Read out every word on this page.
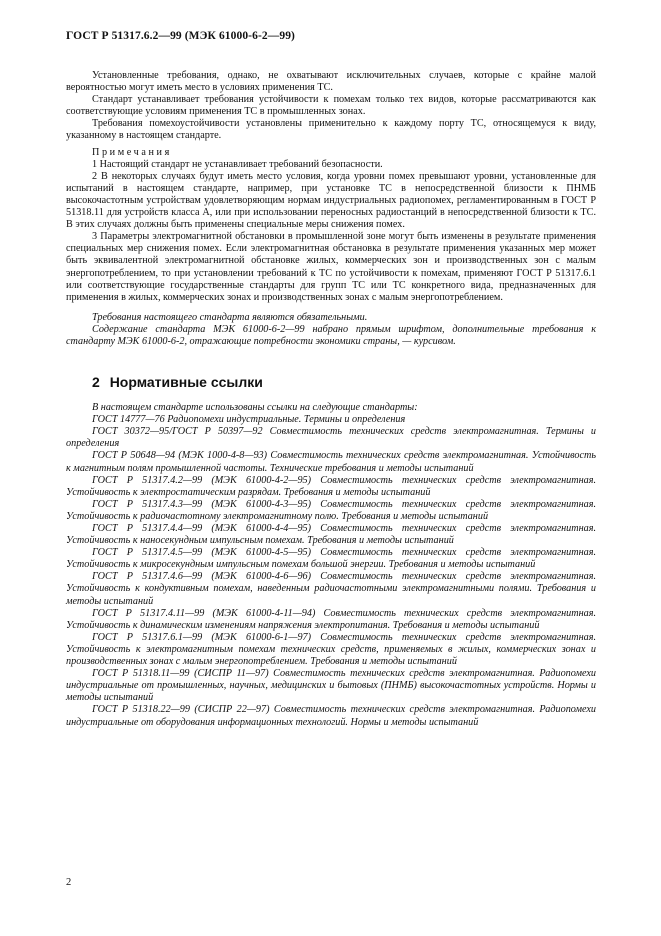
ГОСТ Р 51317.6.2—99 (МЭК 61000-6-2—99)

Установленные требования, однако, не охватывают исключительных случаев, которые с крайне малой вероятностью могут иметь место в условиях применения ТС.

Стандарт устанавливает требования устойчивости к помехам только тех видов, которые рассматриваются как соответствующие условиям применения ТС в промышленных зонах.

Требования помехоустойчивости установлены применительно к каждому порту ТС, относящемуся к виду, указанному в настоящем стандарте.

Примечания

1 Настоящий стандарт не устанавливает требований безопасности.

2 В некоторых случаях будут иметь место условия, когда уровни помех превышают уровни, установленные для испытаний в настоящем стандарте, например, при установке ТС в непосредственной близости к ПНМБ высокочастотным устройствам удовлетворяющим нормам индустриальных радиопомех, регламентированным в ГОСТ Р 51318.11 для устройств класса А, или при использовании переносных радиостанций в непосредственной близости к ТС. В этих случаях должны быть применены специальные меры снижения помех.

3 Параметры электромагнитной обстановки в промышленной зоне могут быть изменены в результате применения специальных мер снижения помех. Если электромагнитная обстановка в результате применения указанных мер может быть эквивалентной электромагнитной обстановке жилых, коммерческих зон и производственных зон с малым энергопотреблением, то при установлении требований к ТС по устойчивости к помехам, применяют ГОСТ Р 51317.6.1 или соответствующие государственные стандарты для групп ТС или ТС конкретного вида, предназначенных для применения в жилых, коммерческих зонах и производственных зонах с малым энергопотреблением.

Требования настоящего стандарта являются обязательными.

Содержание стандарта МЭК 61000-6-2—99 набрано прямым шрифтом, дополнительные требования к стандарту МЭК 61000-6-2, отражающие потребности экономики страны, — курсивом.

2 Нормативные ссылки

В настоящем стандарте использованы ссылки на следующие стандарты:

ГОСТ 14777—76 Радиопомехи индустриальные. Термины и определения

ГОСТ 30372—95/ГОСТ Р 50397—92 Совместимость технических средств электромагнитная. Термины и определения

ГОСТ Р 50648—94 (МЭК 1000-4-8—93) Совместимость технических средств электромагнитная. Устойчивость к магнитным полям промышленной частоты. Технические требования и методы испытаний

ГОСТ Р 51317.4.2—99 (МЭК 61000-4-2—95) Совместимость технических средств электромагнитная. Устойчивость к электростатическим разрядам. Требования и методы испытаний

ГОСТ Р 51317.4.3—99 (МЭК 61000-4-3—95) Совместимость технических средств электромагнитная. Устойчивость к радиочастотному электромагнитному полю. Требования и методы испытаний

ГОСТ Р 51317.4.4—99 (МЭК 61000-4-4—95) Совместимость технических средств электромагнитная. Устойчивость к наносекундным импульсным помехам. Требования и методы испытаний

ГОСТ Р 51317.4.5—99 (МЭК 61000-4-5—95) Совместимость технических средств электромагнитная. Устойчивость к микросекундным импульсным помехам большой энергии. Требования и методы испытаний

ГОСТ Р 51317.4.6—99 (МЭК 61000-4-6—96) Совместимость технических средств электромагнитная. Устойчивость к кондуктивным помехам, наведенным радиочастотными электромагнитными полями. Требования и методы испытаний

ГОСТ Р 51317.4.11—99 (МЭК 61000-4-11—94) Совместимость технических средств электромагнитная. Устойчивость к динамическим изменениям напряжения электропитания. Требования и методы испытаний

ГОСТ Р 51317.6.1—99 (МЭК 61000-6-1—97) Совместимость технических средств электромагнитная. Устойчивость к электромагнитным помехам технических средств, применяемых в жилых, коммерческих зонах и производственных зонах с малым энергопотреблением. Требования и методы испытаний

ГОСТ Р 51318.11—99 (СИСПР 11—97) Совместимость технических средств электромагнитная. Радиопомехи индустриальные от промышленных, научных, медицинских и бытовых (ПНМБ) высокочастотных устройств. Нормы и методы испытаний

ГОСТ Р 51318.22—99 (СИСПР 22—97) Совместимость технических средств электромагнитная. Радиопомехи индустриальные от оборудования информационных технологий. Нормы и методы испытаний

2
